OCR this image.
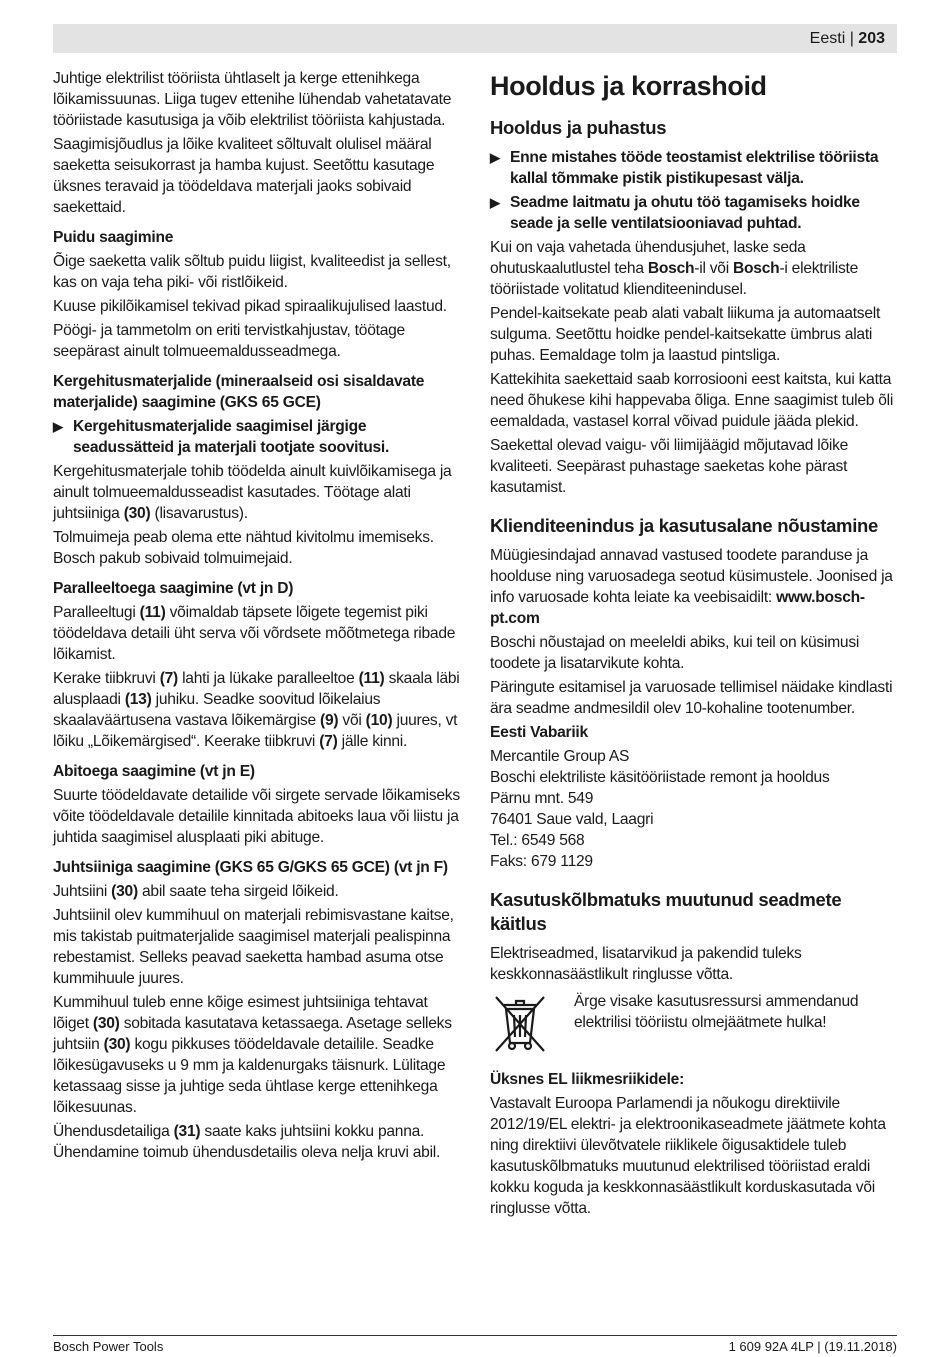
Eesti | 203

Juhtige elektrilist tööriista ühtlaselt ja kerge ettenihkega lõikamissuunas. Liiga tugev ettenihe lühendab vahetatavate tööriistade kasutusiga ja võib elektrilist tööriista kahjustada.

Saagimisjõudlus ja lõike kvaliteet sõltuvalt olulisel määral saeketta seisukorrast ja hamba kujust. Seetõttu kasutage üksnes teravaid ja töödeldava materjali jaoks sobivaid saekettaid.

Puidu saagimine

Õige saeketta valik sõltub puidu liigist, kvaliteedist ja sellest, kas on vaja teha piki- või ristlõikeid.

Kuuse pikilõikamisel tekivad pikad spiraalikujulised laastud.

Pöögi- ja tammetolm on eriti tervistkahjustav, töötage seepärast ainult tolmueemaldusseadmega.

Kergehitusmaterjalide (mineraalseid osi sisaldavate materjalide) saagimine (GKS 65 GCE)
▶ Kergehitusmaterjalide saagimisel järgige seadussätteid ja materjali tootjate soovitusi.

Kergehitusmaterjale tohib töödelda ainult kuivlõikamisega ja ainult tolmueemaldusseadist kasutades. Töötage alati juhtsiiniga (30) (lisavarustus).

Tolmuimeja peab olema ette nähtud kivitolmu imemiseks. Bosch pakub sobivaid tolmuimejaid.

Paralleeltoega saagimine (vt jn D)

Paralleeltugi (11) võimaldab täpsete lõigete tegemist piki töödeldava detaili üht serva või võrdsete mõõtmetega ribade lõikamist.

Kerake tiibkruvi (7) lahti ja lükake paralleeltoe (11) skaala läbi alusplaadi (13) juhiku. Seadke soovitud lõikelaius skaalaväärtusena vastava lõikemärgise (9) või (10) juures, vt lõiku „Lõikemärgised“. Keerake tiibkruvi (7) jälle kinni.

Abitoega saagimine (vt jn E)

Suurte töödeldavate detailide või sirgete servade lõikamiseks võite töödeldavale detailile kinnitada abitoeks laua või liistu ja juhtida saagimisel alusplaati piki abituge.

Juhtsiiniga saagimine (GKS 65 G/GKS 65 GCE) (vt jn F)

Juhtsiini (30) abil saate teha sirgeid lõikeid.

Juhtsiinil olev kummihuul on materjali rebimisvastane kaitse, mis takistab puitmaterjalide saagimisel materjali pealispinna rebestamist. Selleks peavad saeketta hambad asuma otse kummihuule juures.

Kummihuul tuleb enne kõige esimest juhtsiiniga tehtavat lõiget (30) sobitada kasutatava ketassaega. Asetage selleks juhtsiin (30) kogu pikkuses töödeldavale detailile. Seadke lõikesügavuseks u 9 mm ja kaldenurgaks täisnurk. Lülitage ketassaag sisse ja juhtige seda ühtlase kerge ettenihkega lõikesuunas.

Ühendusdetailiga (31) saate kaks juhtsiini kokku panna. Ühendamine toimub ühendusdetailis oleva nelja kruvi abil.

Hooldus ja korrashoid
Hooldus ja puhastus
▶ Enne mistahes tööde teostamist elektrilise tööriista kallal tõmmake pistik pistikupesast välja.
▶ Seadme laitmatu ja ohutu töö tagamiseks hoidke seade ja selle ventilatsiooniavad puhtad.

Kui on vaja vahetada ühendusjuhet, laske seda ohutuskaalutlustel teha Bosch-il või Bosch-i elektriliste tööriistade volitatud klienditeenindusel.

Pendel-kaitsekate peab alati vabalt liikuma ja automaatselt sulguma. Seetõttu hoidke pendel-kaitsekatte ümbrus alati puhas. Eemaldage tolm ja laastud pintsliga.

Kattekihita saekettaid saab korrosiooni eest kaitsta, kui katta need õhukese kihi happevaba õliga. Enne saagimist tuleb õli eemaldada, vastasel korral võivad puidule jääda plekid.

Saekettal olevad vaigu- või liimijäägid mõjutavad lõike kvaliteeti. Seepärast puhastage saeketas kohe pärast kasutamist.

Klienditeenindus ja kasutusalane nõustamine

Müügiesindajad annavad vastused toodete paranduse ja hoolduse ning varuosadega seotud küsimustele. Joonised ja info varuosade kohta leiate ka veebisaidilt: www.bosch-pt.com

Boschi nõustajad on meeleldi abiks, kui teil on küsimusi toodete ja lisatarvikute kohta.

Päringute esitamisel ja varuosade tellimisel näidake kindlasti ära seadme andmesildil olev 10-kohaline tootenumber.

Eesti Vabariik
Mercantile Group AS
Boschi elektriliste käsitööriistade remont ja hooldus
Pärnu mnt. 549
76401 Saue vald, Laagri
Tel.: 6549 568
Faks: 679 1129
Kasutuskõlbmatuks muutunud seadmete käitlus

Elektriseadmed, lisatarvikud ja pakendid tuleks keskkonnasäästlikult ringlusse võtta.

Ärge visake kasutusressursi ammendanud elektrilisi tööriistu olmejäätmete hulka!
Üksnes EL liikmesriikidele:

Vastavalt Euroopa Parlamendi ja nõukogu direktiivile 2012/19/EL elektri- ja elektroonikaseadmete jäätmete kohta ning direktiivi ülevõtvatele riiklikele õigusaktidele tuleb kasutuskõlbmatuks muutunud elektrilised tööriistad eraldi kokku koguda ja keskkonnasäästlikult korduskasutada või ringlusse võtta.

Bosch Power Tools	1 609 92A 4LP | (19.11.2018)
